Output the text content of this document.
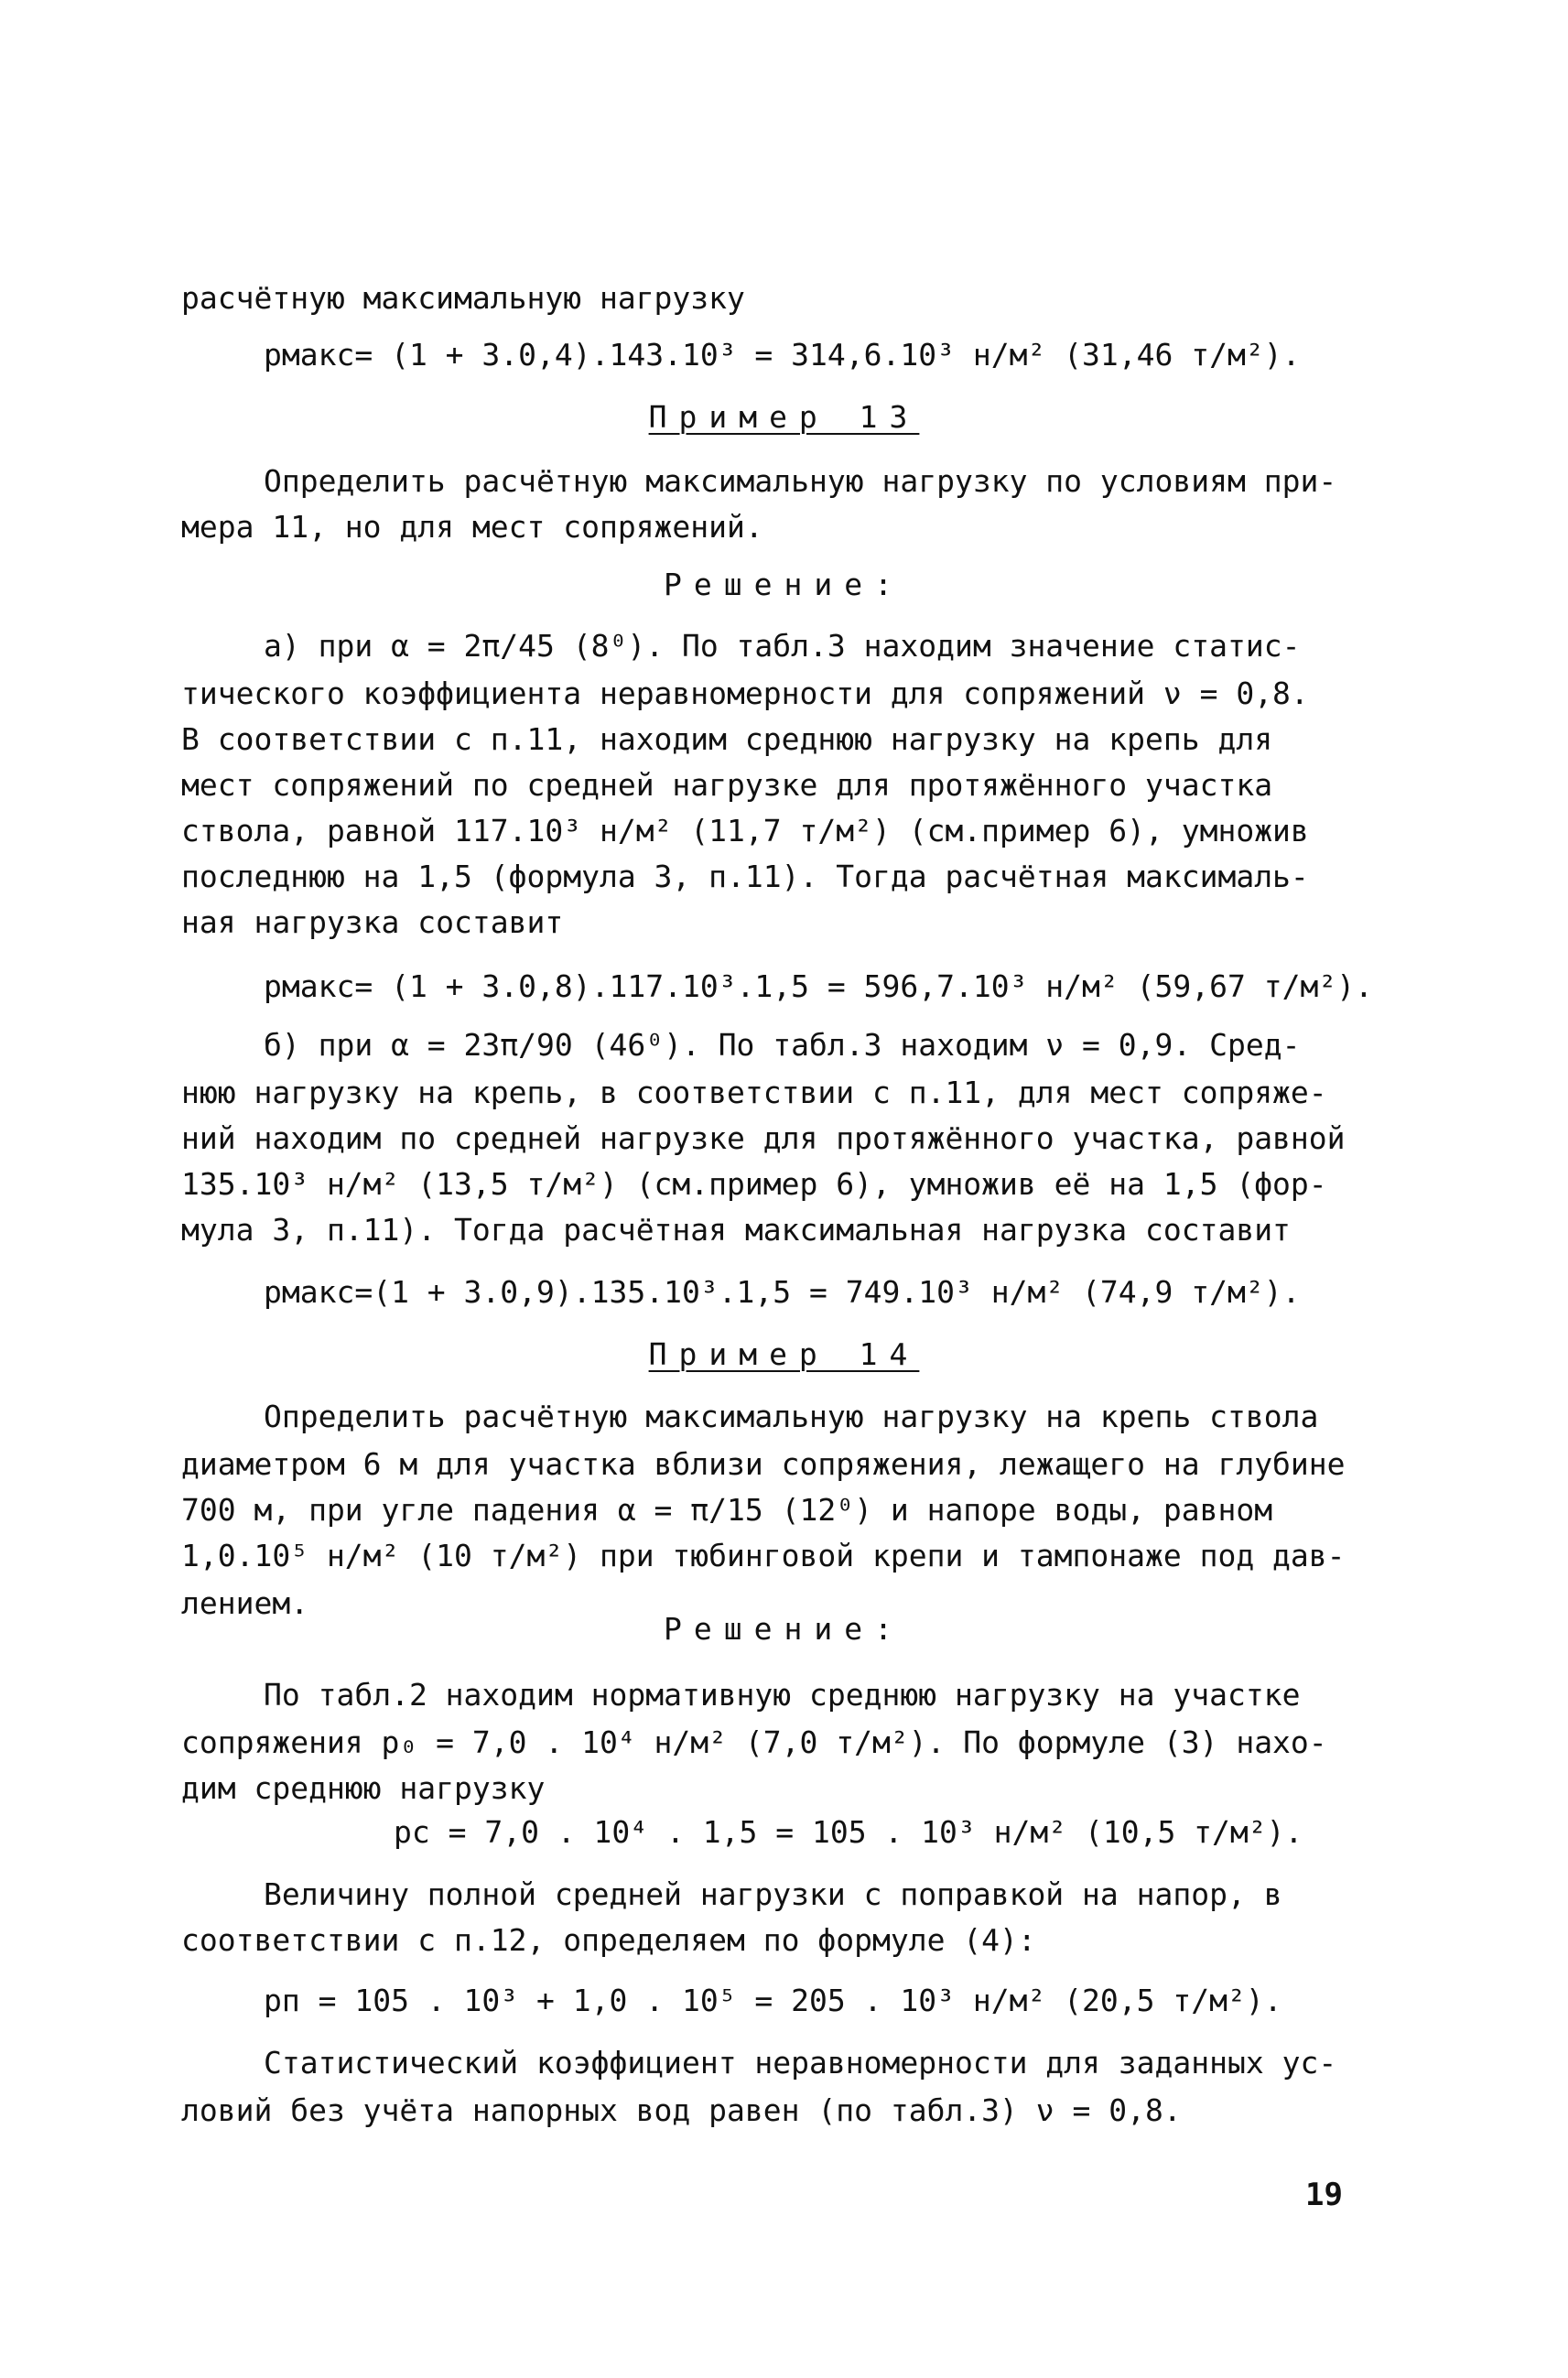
расчётную максимальную нагрузку
рмакс= (1 + 3.0,4).143.10³ = 314,6.10³ н/м² (31,46 т/м²).
Пример 13
Определить расчётную максимальную нагрузку по условиям при-
мера 11, но для мест сопряжений.
Решение:
а) при α = 2π/45 (8⁰). По табл.3 находим значение статис-
тического коэффициента неравномерности для сопряжений ν = 0,8.
В соответствии с п.11, находим среднюю нагрузку на крепь для
мест сопряжений по средней нагрузке для протяжённого участка
ствола, равной 117.10³ н/м² (11,7 т/м²) (см.пример 6), умножив
последнюю на 1,5 (формула 3, п.11). Тогда расчётная максималь-
ная нагрузка составит
рмакс= (1 + 3.0,8).117.10³.1,5 = 596,7.10³ н/м² (59,67 т/м²).
б) при α = 23π/90 (46⁰). По табл.3 находим ν = 0,9. Сред-
нюю нагрузку на крепь, в соответствии с п.11, для мест сопряже-
ний находим по средней нагрузке для протяжённого участка, равной
135.10³ н/м² (13,5 т/м²) (см.пример 6), умножив её на 1,5 (фор-
мула 3, п.11). Тогда расчётная максимальная нагрузка составит
рмакс=(1 + 3.0,9).135.10³.1,5 = 749.10³ н/м² (74,9 т/м²).
Пример 14
Определить расчётную максимальную нагрузку на крепь ствола
диаметром 6 м для участка вблизи сопряжения, лежащего на глубине
700 м, при угле падения α = π/15 (12⁰) и напоре воды, равном
1,0.10⁵ н/м² (10 т/м²) при тюбинговой крепи и тампонаже под дав-
лением.
Решение:
По табл.2 находим нормативную среднюю нагрузку на участке
сопряжения р₀ = 7,0 . 10⁴ н/м² (7,0 т/м²). По формуле (3) нахо-
дим среднюю нагрузку
рс = 7,0 . 10⁴ . 1,5 = 105 . 10³ н/м² (10,5 т/м²).
Величину полной средней нагрузки с поправкой на напор, в
соответствии с п.12, определяем по формуле (4):
рп = 105 . 10³ + 1,0 . 10⁵ = 205 . 10³ н/м² (20,5 т/м²).
Статистический коэффициент неравномерности для заданных ус-
ловий без учёта напорных вод равен (по табл.3) ν = 0,8.
19
